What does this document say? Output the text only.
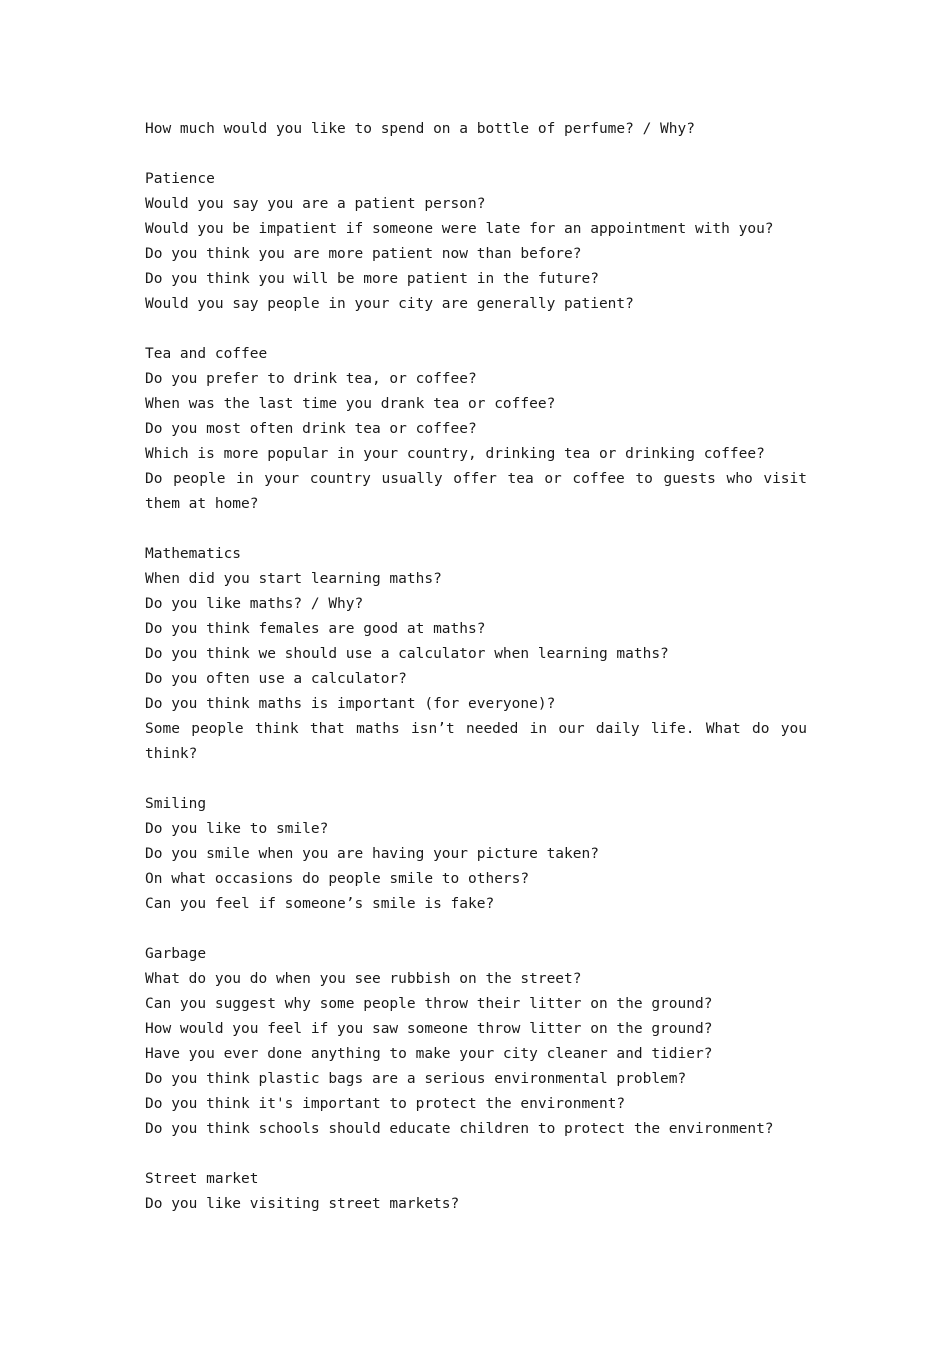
How much would you like to spend on a bottle of perfume? / Why?
Patience
Would you say you are a patient person?
Would you be impatient if someone were late for an appointment with you?
Do you think you are more patient now than before?
Do you think you will be more patient in the future?
Would you say people in your city are generally patient?
Tea and coffee
Do you prefer to drink tea, or coffee?
When was the last time you drank tea or coffee?
Do you most often drink tea or coffee?
Which is more popular in your country, drinking tea or drinking coffee?
Do people in your country usually offer tea or coffee to guests who visit them at home?
Mathematics
When did you start learning maths?
Do you like maths? / Why?
Do you think females are good at maths?
Do you think we should use a calculator when learning maths?
Do you often use a calculator?
Do you think maths is important (for everyone)?
Some people think that maths isn’t needed in our daily life. What do you think?
Smiling
Do you like to smile?
Do you smile when you are having your picture taken?
On what occasions do people smile to others?
Can you feel if someone’s smile is fake?
Garbage
What do you do when you see rubbish on the street?
Can you suggest why some people throw their litter on the ground?
How would you feel if you saw someone throw litter on the ground?
Have you ever done anything to make your city cleaner and tidier?
Do you think plastic bags are a serious environmental problem?
Do you think it's important to protect the environment?
Do you think schools should educate children to protect the environment?
Street market
Do you like visiting street markets?
